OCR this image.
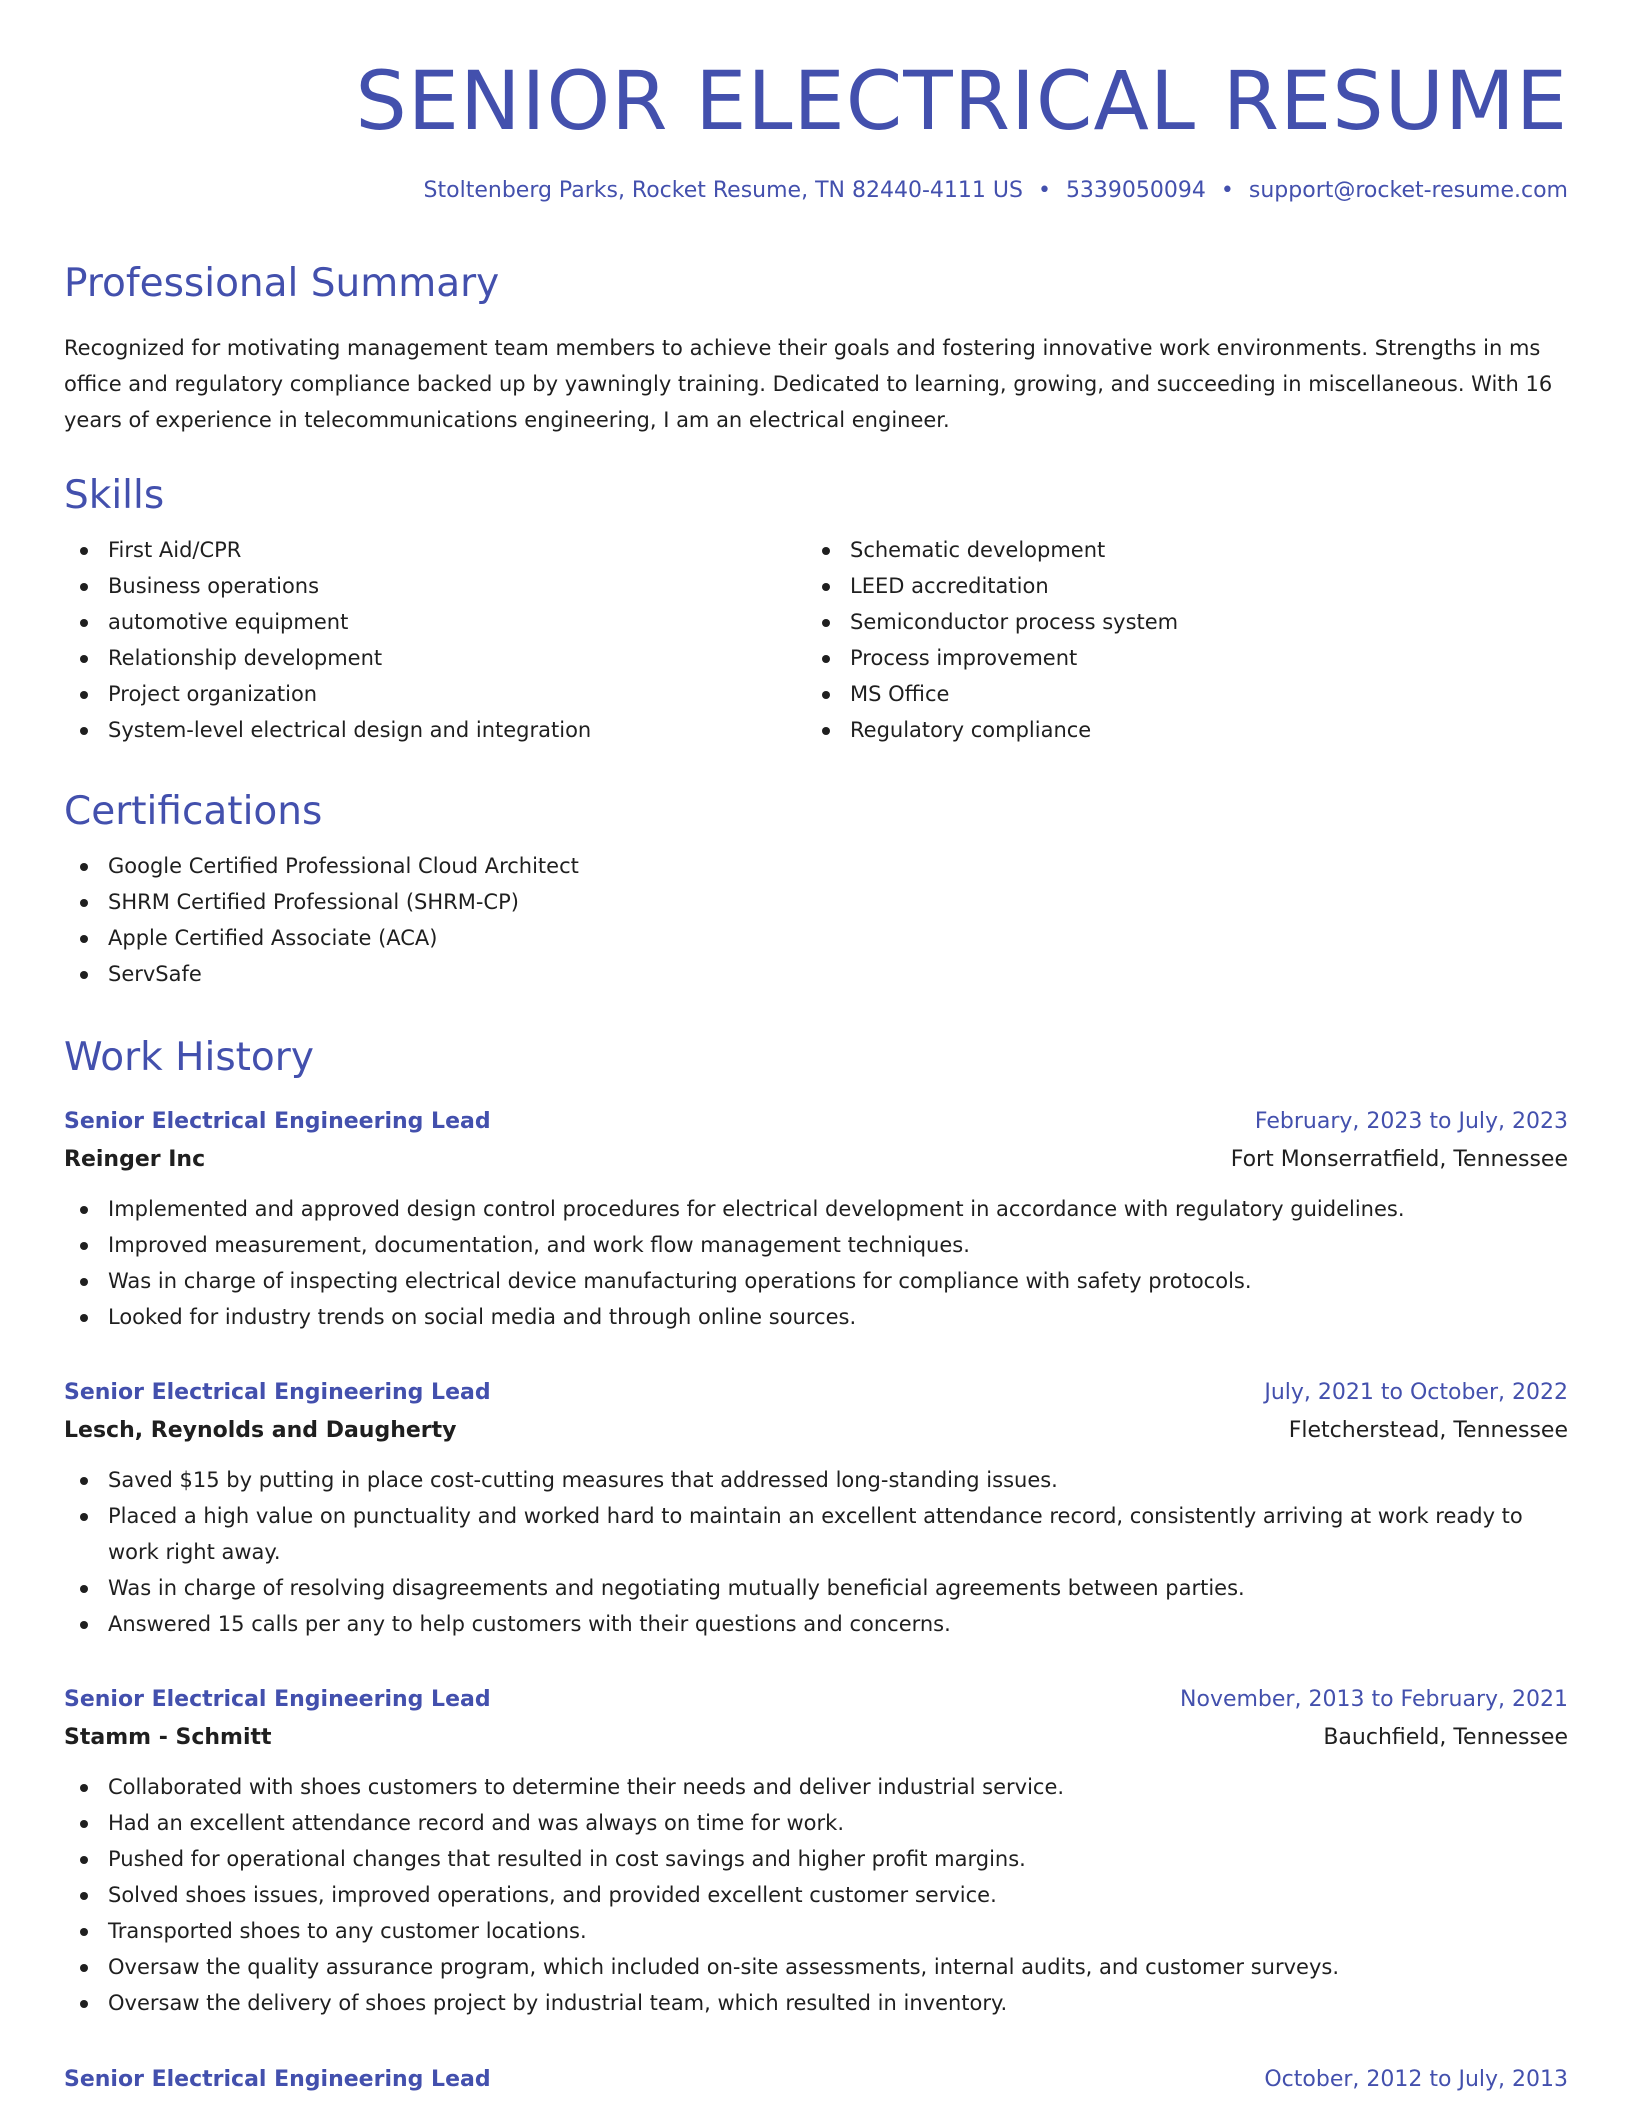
SENIOR ELECTRICAL RESUME
Stoltenberg Parks, Rocket Resume, TN 82440-4111 US • 5339050094 • support@rocket-resume.com
Professional Summary
Recognized for motivating management team members to achieve their goals and fostering innovative work environments. Strengths in ms office and regulatory compliance backed up by yawningly training. Dedicated to learning, growing, and succeeding in miscellaneous. With 16 years of experience in telecommunications engineering, I am an electrical engineer.
Skills
First Aid/CPR
Business operations
automotive equipment
Relationship development
Project organization
System-level electrical design and integration
Schematic development
LEED accreditation
Semiconductor process system
Process improvement
MS Office
Regulatory compliance
Certifications
Google Certified Professional Cloud Architect
SHRM Certified Professional (SHRM-CP)
Apple Certified Associate (ACA)
ServSafe
Work History
Senior Electrical Engineering Lead	February, 2023 to July, 2023
Reinger Inc	Fort Monserratfield, Tennessee
Implemented and approved design control procedures for electrical development in accordance with regulatory guidelines.
Improved measurement, documentation, and work flow management techniques.
Was in charge of inspecting electrical device manufacturing operations for compliance with safety protocols.
Looked for industry trends on social media and through online sources.
Senior Electrical Engineering Lead	July, 2021 to October, 2022
Lesch, Reynolds and Daugherty	Fletcherstead, Tennessee
Saved $15 by putting in place cost-cutting measures that addressed long-standing issues.
Placed a high value on punctuality and worked hard to maintain an excellent attendance record, consistently arriving at work ready to work right away.
Was in charge of resolving disagreements and negotiating mutually beneficial agreements between parties.
Answered 15 calls per any to help customers with their questions and concerns.
Senior Electrical Engineering Lead	November, 2013 to February, 2021
Stamm - Schmitt	Bauchfield, Tennessee
Collaborated with shoes customers to determine their needs and deliver industrial service.
Had an excellent attendance record and was always on time for work.
Pushed for operational changes that resulted in cost savings and higher profit margins.
Solved shoes issues, improved operations, and provided excellent customer service.
Transported shoes to any customer locations.
Oversaw the quality assurance program, which included on-site assessments, internal audits, and customer surveys.
Oversaw the delivery of shoes project by industrial team, which resulted in inventory.
Senior Electrical Engineering Lead	October, 2012 to July, 2013
